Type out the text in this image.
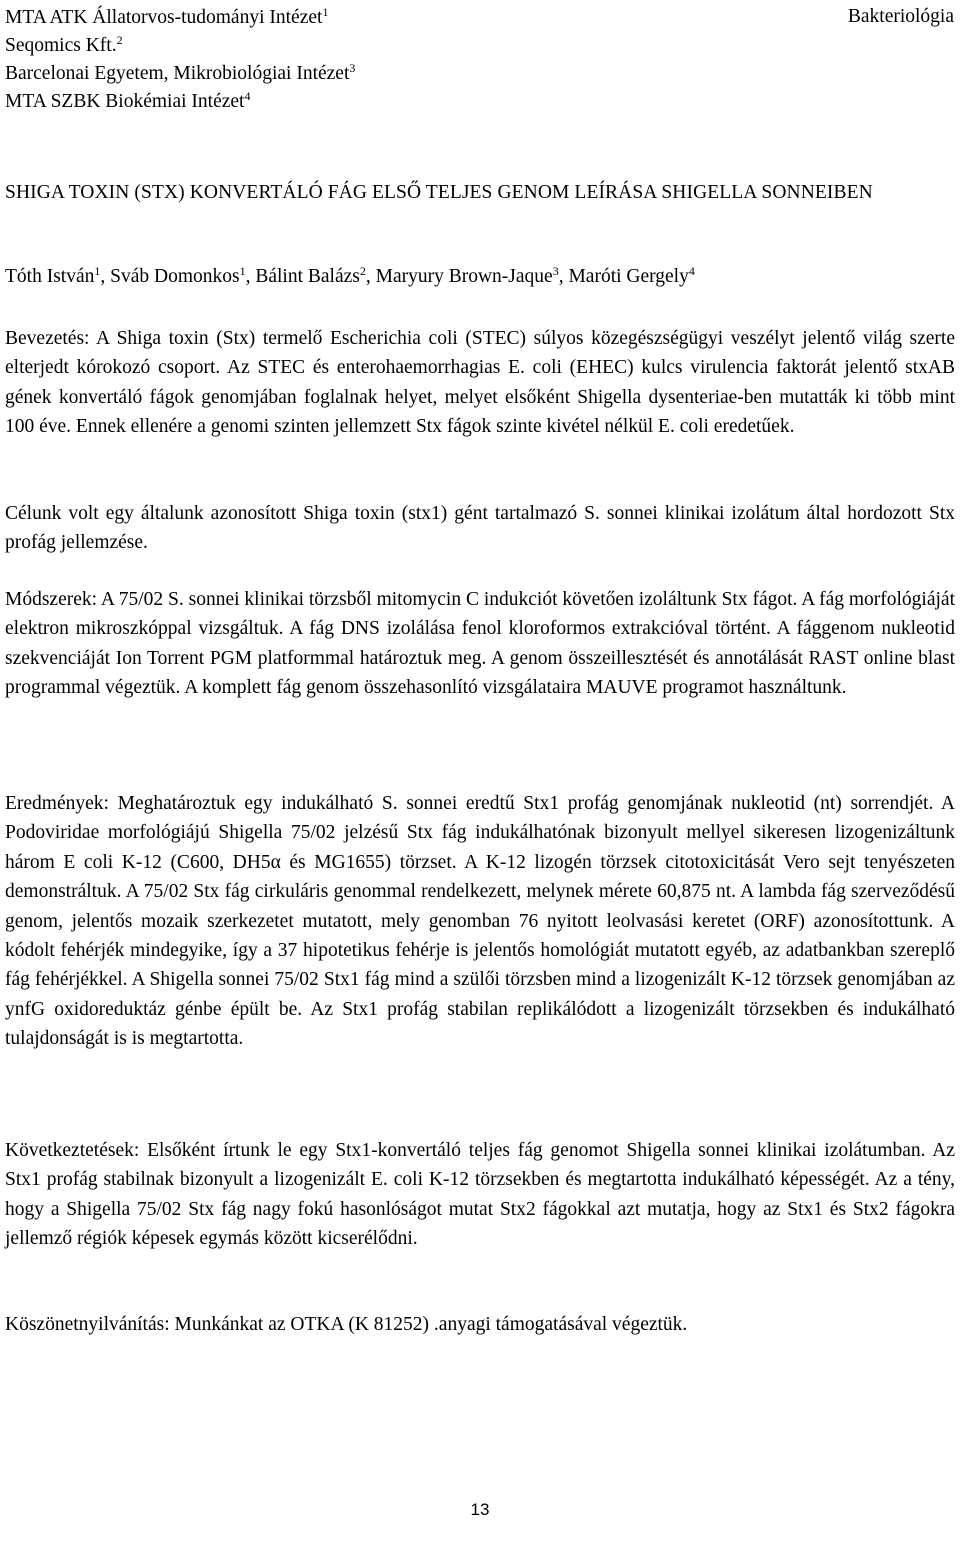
MTA ATK Állatorvos-tudományi Intézet$^1$
Seqomics Kft.$^2$
Barcelonai Egyetem, Mikrobiológiai Intézet$^3$
MTA SZBK Biokémiai Intézet$^4$
Bakteriológia
SHIGA TOXIN (STX) KONVERTÁLÓ FÁG ELSŐ TELJES GENOM LEÍRÁSA SHIGELLA SONNEIBEN
Tóth István$^1$, Sváb Domonkos$^1$, Bálint Balázs$^2$, Maryury Brown-Jaque$^3$, Maróti Gergely$^4$
Bevezetés: A Shiga toxin (Stx) termelő Escherichia coli (STEC) súlyos közegészségügyi veszélyt jelentő világ szerte elterjedt kórokozó csoport. Az STEC és enterohaemorrhagias E. coli (EHEC) kulcs virulencia faktorát jelentő stxAB gének konvertáló fágok genomjában foglalnak helyet, melyet elsőként Shigella dysenteriae-ben mutatták ki több mint 100 éve. Ennek ellenére a genomi szinten jellemzett Stx fágok szinte kivétel nélkül E. coli eredetűek.
Célunk volt egy általunk azonosított Shiga toxin (stx1) gént tartalmazó S. sonnei klinikai izolátum által hordozott Stx profág jellemzése.
Módszerek: A 75/02 S. sonnei klinikai törzsből mitomycin C indukciót követően izoláltunk Stx fágot. A fág morfológiáját elektron mikroszkóppal vizsgáltuk. A fág DNS izolálása fenol kloroformos extrakcióval történt. A fággenom nukleotid szekvenciáját Ion Torrent PGM platformmal határoztuk meg. A genom összeillesztését és annotálását RAST online blast programmal végeztük. A komplett fág genom összehasonlító vizsgálataira MAUVE programot használtunk.
Eredmények: Meghatároztuk egy indukálható S. sonnei eredtű Stx1 profág genomjának nukleotid (nt) sorrendjét. A Podoviridae morfológiájú Shigella 75/02 jelzésű Stx fág indukálhatónak bizonyult mellyel sikeresen lizogenizáltunk három E coli K-12 (C600, DH5α és MG1655) törzset. A K-12 lizogén törzsek citotoxicitását Vero sejt tenyészeten demonstráltuk. A 75/02 Stx fág cirkuláris genommal rendelkezett, melynek mérete 60,875 nt. A lambda fág szerveződésű genom, jelentős mozaik szerkezetet mutatott, mely genomban 76 nyitott leolvasási keretet (ORF) azonosítottunk. A kódolt fehérjék mindegyike, így a 37 hipotetikus fehérje is jelentős homológiát mutatott egyéb, az adatbankban szereplő fág fehérjékkel. A Shigella sonnei 75/02 Stx1 fág mind a szülői törzsben mind a lizogenizált K-12 törzsek genomjában az ynfG oxidoreduktáz génbe épült be. Az Stx1 profág stabilan replikálódott a lizogenizált törzsekben és indukálható tulajdonságát is is megtartotta.
Következtetések: Elsőként írtunk le egy Stx1-konvertáló teljes fág genomot Shigella sonnei klinikai izolátumban. Az Stx1 profág stabilnak bizonyult a lizogenizált E. coli K-12 törzsekben és megtartotta indukálható képességét. Az a tény, hogy a Shigella 75/02 Stx fág nagy fokú hasonlóságot mutat Stx2 fágokkal azt mutatja, hogy az Stx1 és Stx2 fágokra jellemző régiók képesek egymás között kicserélődni.
Köszönetnyilvánítás: Munkánkat az OTKA (K 81252) .anyagi támogatásával végeztük.
13
